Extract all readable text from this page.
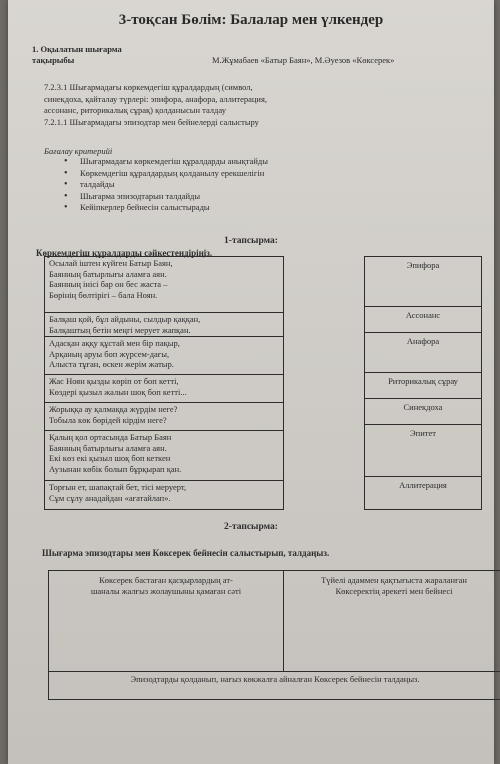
3-тоқсан Бөлім: Балалар мен үлкендер
1. Оқылатын шығарма
тақырыбы	М.Жұмабаев «Батыр Баян», М.Әуезов «Көксерек»
7.2.3.1 Шығармадағы көркемдегіш құралдардың (символ,
синекдоха, қайталау түрлері: эпифора, анафора, аллитерация,
ассонанс, риторикалық сұрақ) қолданысын талдау
7.2.1.1 Шығармадағы эпизодтар мен бейнелерді салыстыру
Бағалау критерийі
• Шығармадағы көркемдегіш құралдарды анықтайды
• Көркемдегіш құралдардың қолданылу ерекшелігін
• талдайды
• Шығарма эпизодтарын талдайды
• Кейіпкерлер бейнесін салыстырады
1-тапсырма:
Көркемдегіш құралдарды сәйкестендіріңіз.
Осылай іштен күйген Батыр Баян,
Баянның батырлығы аламға аян.
Баянның інісі бар он бес жаста –
Бөрінің бөлтірігі – бала Ноян.
Балқаш қой, бұл айдыны, сылдыр қаққан,
Балқаштың бетін меңгі мерует жапқан.
Адасқан аққу құстай мен бір пақыр,
Арқаның аруы боп жүрсем-дағы,
Алыста тұған, өскен жерім жатыр.
Жас Ноян қызды көріп от боп кетті,
Көздері қызыл жалын шоқ боп кетті...
Жорыққа ау қалмаққа жүрдім неге?
Тобыла көк бөрідей кірдім неге?
Қалың қол ортасында Батыр Баян
Баянның батырлығы аламға аян.
Екі көз екі қызыл шоқ боп кеткен
Аузынан көбік болып бұрқырап қан.
Торғын ет, шапақтай бет, тісі меруерт,
Сұм сұлу анадайдан «ағатайлап».
Эпифора
Ассонанс
Анафора
Риторикалық сұрау
Синекдоха
Эпитет
Аллитерация
2-тапсырма:
Шығарма эпизодтары мен Көксерек бейнесін салыстырып, талдаңыз.
Көксерек бастаған қасқырлардың ат-
шаналы жалғыз жолаушыны қамаған сәті
Түйелі адаммен қақтығыста жараланған
Көксеректің әрекеті мен бейнесі
Эпизодтарды қолданып, нағыз көкжалға айналған Көксерек бейнесін талдаңыз.
